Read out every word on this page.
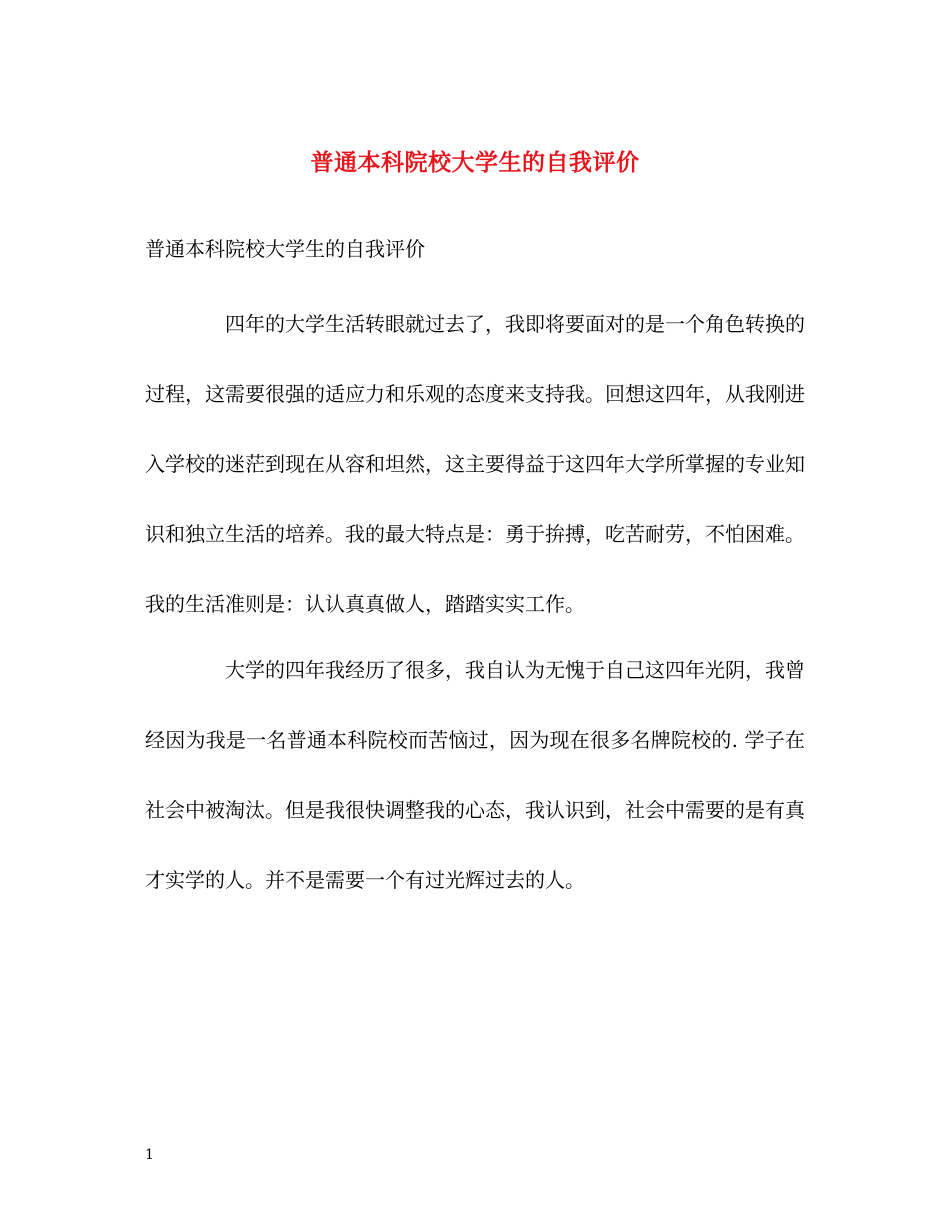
普通本科院校大学生的自我评价

普通本科院校大学生的自我评价

四年的大学生活转眼就过去了，我即将要面对的是一个角色转换的过程，这需要很强的适应力和乐观的态度来支持我。回想这四年，从我刚进入学校的迷茫到现在从容和坦然，这主要得益于这四年大学所掌握的专业知识和独立生活的培养。我的最大特点是：勇于拚搏，吃苦耐劳，不怕困难。我的生活准则是：认认真真做人，踏踏实实工作。

大学的四年我经历了很多，我自认为无愧于自己这四年光阴，我曾经因为我是一名普通本科院校而苦恼过，因为现在很多名牌院校的. 学子在社会中被淘汰。但是我很快调整我的心态，我认识到，社会中需要的是有真才实学的人。并不是需要一个有过光辉过去的人。

1
